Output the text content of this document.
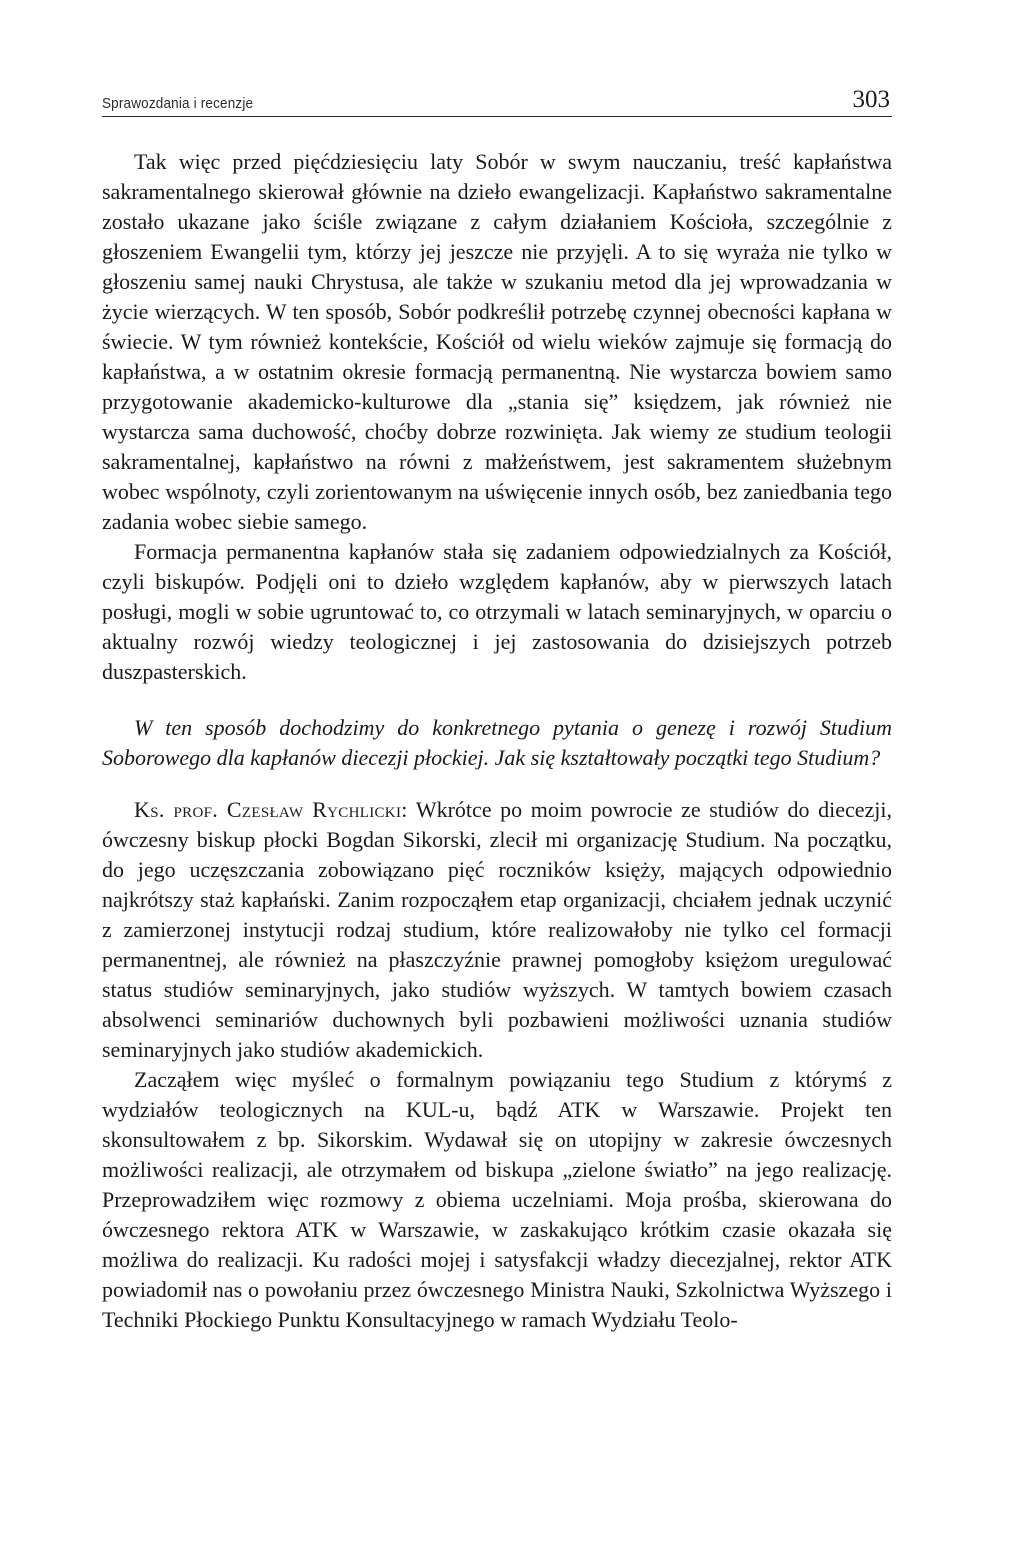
Sprawozdania i recenzje	303

Tak więc przed pięćdziesięciu laty Sobór w swym nauczaniu, treść kapłaństwa sakramentalnego skierował głównie na dzieło ewangelizacji. Kapłaństwo sakramentalne zostało ukazane jako ściśle związane z całym działaniem Kościoła, szczególnie z głoszeniem Ewangelii tym, którzy jej jeszcze nie przyjęli. A to się wyraża nie tylko w głoszeniu samej nauki Chrystusa, ale także w szukaniu metod dla jej wprowadzania w życie wierzących. W ten sposób, Sobór podkreślił potrzebę czynnej obecności kapłana w świecie. W tym również kontekście, Kościół od wielu wieków zajmuje się formacją do kapłaństwa, a w ostatnim okresie formacją permanentną. Nie wystarcza bowiem samo przygotowanie akademicko-kulturowe dla „stania się” księdzem, jak również nie wystarcza sama duchowość, choćby dobrze rozwinięta. Jak wiemy ze studium teologii sakramentalnej, kapłaństwo na równi z małżeństwem, jest sakramentem służebnym wobec wspólnoty, czyli zorientowanym na uświęcenie innych osób, bez zaniedbania tego zadania wobec siebie samego.

Formacja permanentna kapłanów stała się zadaniem odpowiedzialnych za Kościół, czyli biskupów. Podjęli oni to dzieło względem kapłanów, aby w pierwszych latach posługi, mogli w sobie ugruntować to, co otrzymali w latach seminaryjnych, w oparciu o aktualny rozwój wiedzy teologicznej i jej zastosowania do dzisiejszych potrzeb duszpasterskich.

W ten sposób dochodzimy do konkretnego pytania o genezę i rozwój Studium Soborowego dla kapłanów diecezji płockiej. Jak się kształtowały początki tego Studium?

Ks. prof. Czesław Rychlicki: Wkrótce po moim powrocie ze studiów do diecezji, ówczesny biskup płocki Bogdan Sikorski, zlecił mi organizację Studium. Na początku, do jego uczęszczania zobowiązano pięć roczników księży, mających odpowiednio najkrótszy staż kapłański. Zanim rozpocząłem etap organizacji, chciałem jednak uczynić z zamierzonej instytucji rodzaj studium, które realizowałoby nie tylko cel formacji permanentnej, ale również na płaszczyźnie prawnej pomogłoby księżom uregulować status studiów seminaryjnych, jako studiów wyższych. W tamtych bowiem czasach absolwenci seminariów duchownych byli pozbawieni możliwości uznania studiów seminaryjnych jako studiów akademickich.

Zacząłem więc myśleć o formalnym powiązaniu tego Studium z którymś z wydziałów teologicznych na KUL-u, bądź ATK w Warszawie. Projekt ten skonsultowałem z bp. Sikorskim. Wydawał się on utopijny w zakresie ówczesnych możliwości realizacji, ale otrzymałem od biskupa „zielone światło” na jego realizację. Przeprowadziłem więc rozmowy z obiema uczelniami. Moja prośba, skierowana do ówczesnego rektora ATK w Warszawie, w zaskakująco krótkim czasie okazała się możliwa do realizacji. Ku radości mojej i satysfakcji władzy diecezjalnej, rektor ATK powiadomił nas o powołaniu przez ówczesnego Ministra Nauki, Szkolnictwa Wyższego i Techniki Płockiego Punktu Konsultacyjnego w ramach Wydziału Teolo-
